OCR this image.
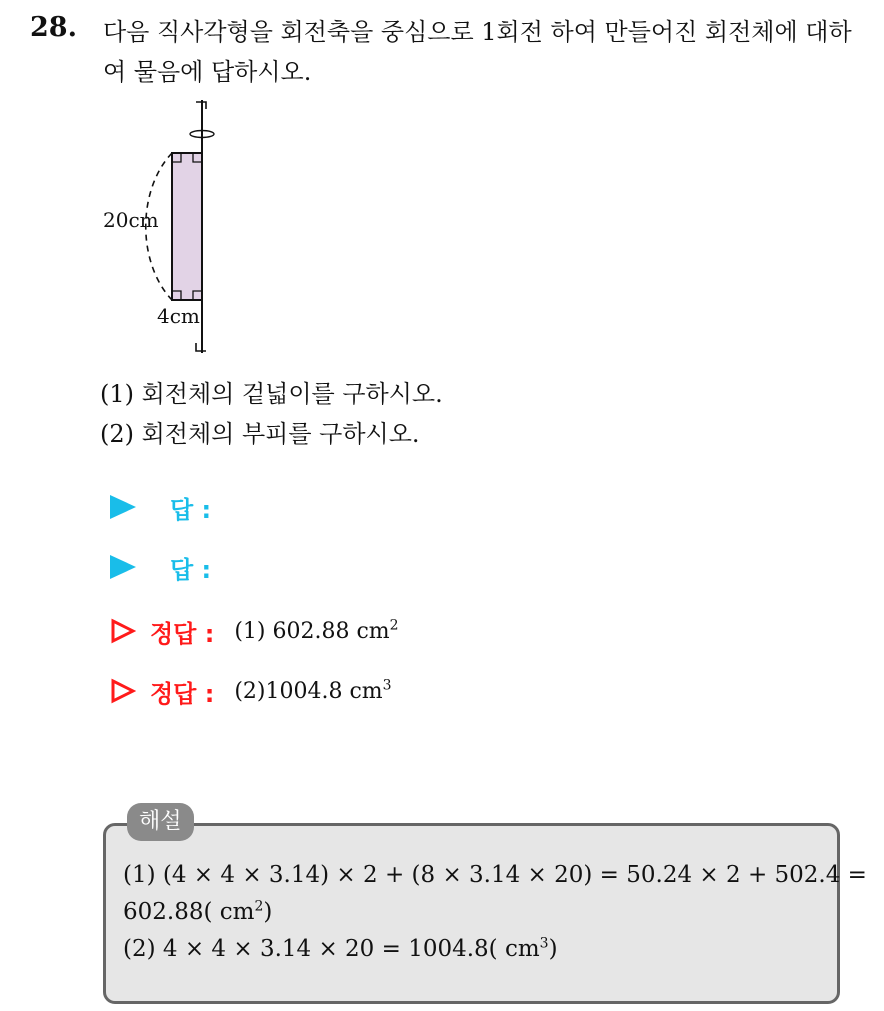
28. 다음 직사각형을 회전축을 중심으로 1회전 하여 만들어진 회전체에 대하여 물음에 답하시오.
20cm
4cm
(1) 회전체의 겉넓이를 구하시오.
(2) 회전체의 부피를 구하시오.
답 :
답 :
정답 : (1) 602.88 $cm^2$
정답 : (2)1004.8 $cm^3$
해설
(1) (4 × 4 × 3.14) × 2 + (8 × 3.14 × 20) = 50.24 × 2 + 502.4 =
602.88( $cm^2$)
(2) 4 × 4 × 3.14 × 20 = 1004.8( $cm^3$)
